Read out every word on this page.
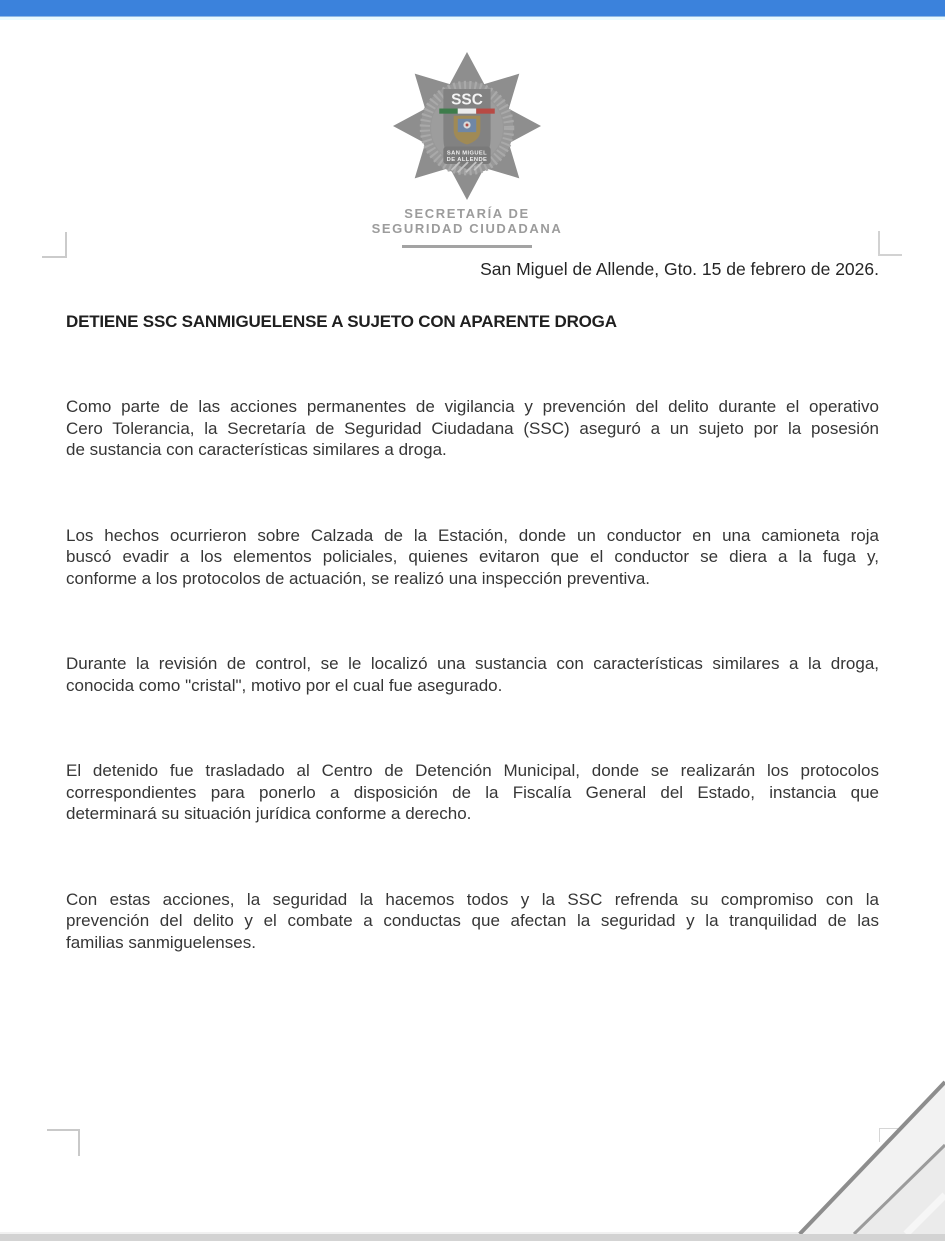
SSC
SAN MIGUEL
DE ALLENDE
SECRETARÍA DE
SEGURIDAD CIUDADANA
San Miguel de Allende, Gto. 15 de febrero de 2026.
DETIENE SSC SANMIGUELENSE A SUJETO CON APARENTE DROGA
Como parte de las acciones permanentes de vigilancia y prevención del delito durante el operativo
Cero Tolerancia, la Secretaría de Seguridad Ciudadana (SSC) aseguró a un sujeto por la posesión
de sustancia con características similares a droga.
Los hechos ocurrieron sobre Calzada de la Estación, donde un conductor en una camioneta roja
buscó evadir a los elementos policiales, quienes evitaron que el conductor se diera a la fuga y,
conforme a los protocolos de actuación, se realizó una inspección preventiva.
Durante la revisión de control, se le localizó una sustancia con características similares a la droga,
conocida como "cristal", motivo por el cual fue asegurado.
El detenido fue trasladado al Centro de Detención Municipal, donde se realizarán los protocolos
correspondientes para ponerlo a disposición de la Fiscalía General del Estado, instancia que
determinará su situación jurídica conforme a derecho.
Con estas acciones, la seguridad la hacemos todos y la SSC refrenda su compromiso con la
prevención del delito y el combate a conductas que afectan la seguridad y la tranquilidad de las
familias sanmiguelenses.
